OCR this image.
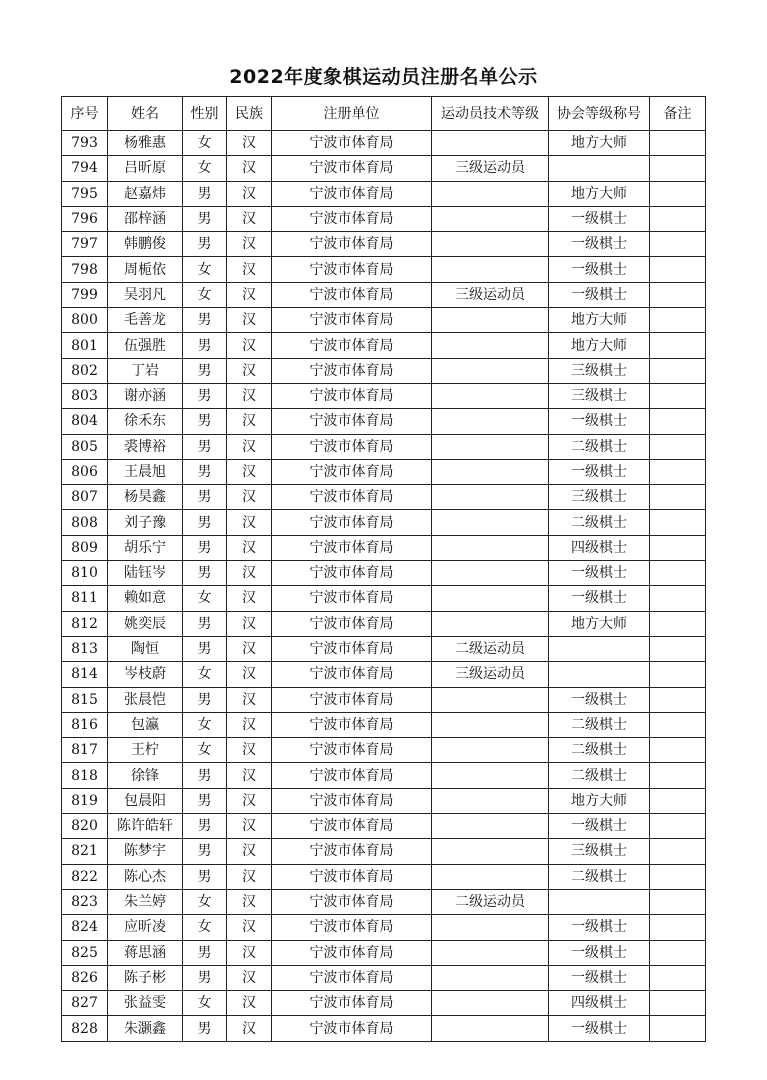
2022年度象棋运动员注册名单公示
序号	姓名	性别	民族	注册单位	运动员技术等级	协会等级称号	备注
793	杨雅惠	女	汉	宁波市体育局		地方大师	
794	吕昕原	女	汉	宁波市体育局	三级运动员		
795	赵嘉炜	男	汉	宁波市体育局		地方大师	
796	邵梓涵	男	汉	宁波市体育局		一级棋士	
797	韩鹏俊	男	汉	宁波市体育局		一级棋士	
798	周栀依	女	汉	宁波市体育局		一级棋士	
799	吴羽凡	女	汉	宁波市体育局	三级运动员	一级棋士	
800	毛善龙	男	汉	宁波市体育局		地方大师	
801	伍强胜	男	汉	宁波市体育局		地方大师	
802	丁岩	男	汉	宁波市体育局		三级棋士	
803	谢亦涵	男	汉	宁波市体育局		三级棋士	
804	徐禾东	男	汉	宁波市体育局		一级棋士	
805	裘博裕	男	汉	宁波市体育局		二级棋士	
806	王晨旭	男	汉	宁波市体育局		一级棋士	
807	杨昊鑫	男	汉	宁波市体育局		三级棋士	
808	刘子豫	男	汉	宁波市体育局		二级棋士	
809	胡乐宁	男	汉	宁波市体育局		四级棋士	
810	陆钰岑	男	汉	宁波市体育局		一级棋士	
811	赖如意	女	汉	宁波市体育局		一级棋士	
812	姚奕辰	男	汉	宁波市体育局		地方大师	
813	陶恒	男	汉	宁波市体育局	二级运动员		
814	岑枝蔚	女	汉	宁波市体育局	三级运动员		
815	张晨恺	男	汉	宁波市体育局		一级棋士	
816	包瀛	女	汉	宁波市体育局		二级棋士	
817	王柠	女	汉	宁波市体育局		二级棋士	
818	徐锋	男	汉	宁波市体育局		二级棋士	
819	包晨阳	男	汉	宁波市体育局		地方大师	
820	陈许皓轩	男	汉	宁波市体育局		一级棋士	
821	陈梦宇	男	汉	宁波市体育局		三级棋士	
822	陈心杰	男	汉	宁波市体育局		二级棋士	
823	朱兰婷	女	汉	宁波市体育局	二级运动员		
824	应昕凌	女	汉	宁波市体育局		一级棋士	
825	蒋思涵	男	汉	宁波市体育局		一级棋士	
826	陈子彬	男	汉	宁波市体育局		一级棋士	
827	张益雯	女	汉	宁波市体育局		四级棋士	
828	朱灏鑫	男	汉	宁波市体育局		一级棋士	
